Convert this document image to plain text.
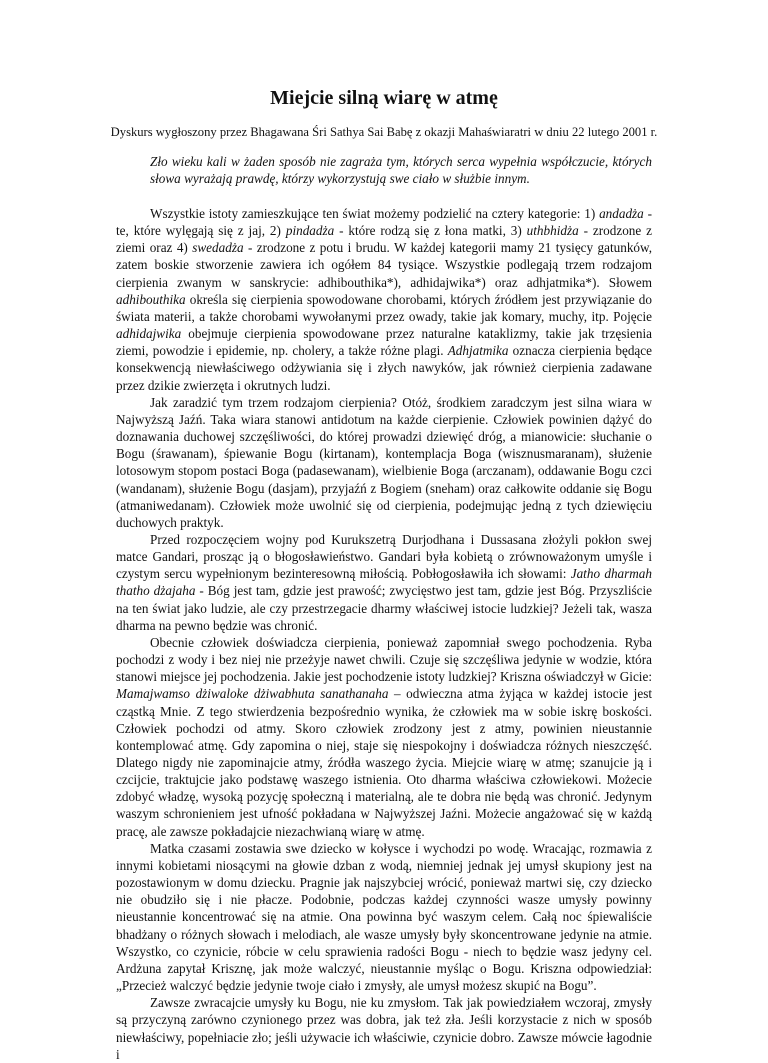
Miejcie silną wiarę w atmę
Dyskurs wygłoszony przez Bhagawana Śri Sathya Sai Babę z okazji Mahaświaratri w dniu 22 lutego 2001 r.
Zło wieku kali w żaden sposób nie zagraża tym, których serca wypełnia współczucie, których słowa wyrażają prawdę, którzy wykorzystują swe ciało w służbie innym.

Wszystkie istoty zamieszkujące ten świat możemy podzielić na cztery kategorie: 1) andadża - te, które wylęgają się z jaj, 2) pindadża - które rodzą się z łona matki, 3) uthbhidża - zrodzone z ziemi oraz 4) swedadża - zrodzone z potu i brudu. W każdej kategorii mamy 21 tysięcy gatunków, zatem boskie stworzenie zawiera ich ogółem 84 tysiące. Wszystkie podlegają trzem rodzajom cierpienia zwanym w sanskrycie: adhibouthika*), adhidajwika*) oraz adhjatmika*). Słowem adhibouthika określa się cierpienia spowodowane chorobami, których źródłem jest przywiązanie do świata materii, a także chorobami wywołanymi przez owady, takie jak komary, muchy, itp. Pojęcie adhidajwika obejmuje cierpienia spowodowane przez naturalne kataklizmy, takie jak trzęsienia ziemi, powodzie i epidemie, np. cholery, a także różne plagi. Adhjatmika oznacza cierpienia będące konsekwencją niewłaściwego odżywiania się i złych nawyków, jak również cierpienia zadawane przez dzikie zwierzęta i okrutnych ludzi.

Jak zaradzić tym trzem rodzajom cierpienia? Otóż, środkiem zaradczym jest silna wiara w Najwyższą Jaźń. Taka wiara stanowi antidotum na każde cierpienie. Człowiek powinien dążyć do doznawania duchowej szczęśliwości, do której prowadzi dziewięć dróg, a mianowicie: słuchanie o Bogu (śrawanam), śpiewanie Bogu (kirtanam), kontemplacja Boga (wisznusmaranam), służenie lotosowym stopom postaci Boga (padasewanam), wielbienie Boga (arczanam), oddawanie Bogu czci (wandanam), służenie Bogu (dasjam), przyjaźń z Bogiem (sneham) oraz całkowite oddanie się Bogu (atmaniwedanam). Człowiek może uwolnić się od cierpienia, podejmując jedną z tych dziewięciu duchowych praktyk.

Przed rozpoczęciem wojny pod Kurukszetrą Durjodhana i Dussasana złożyli pokłon swej matce Gandari, prosząc ją o błogosławieństwo. Gandari była kobietą o zrównoważonym umyśle i czystym sercu wypełnionym bezinteresowną miłością. Pobłogosławiła ich słowami: Jatho dharmah thatho dżajaha - Bóg jest tam, gdzie jest prawość; zwycięstwo jest tam, gdzie jest Bóg. Przyszliście na ten świat jako ludzie, ale czy przestrzegacie dharmy właściwej istocie ludzkiej? Jeżeli tak, wasza dharma na pewno będzie was chronić.

Obecnie człowiek doświadcza cierpienia, ponieważ zapomniał swego pochodzenia. Ryba pochodzi z wody i bez niej nie przeżyje nawet chwili. Czuje się szczęśliwa jedynie w wodzie, która stanowi miejsce jej pochodzenia. Jakie jest pochodzenie istoty ludzkiej? Kriszna oświadczył w Gicie: Mamajwamso dżiwaloke dżiwabhuta sanathanaha – odwieczna atma żyjąca w każdej istocie jest cząstką Mnie. Z tego stwierdzenia bezpośrednio wynika, że człowiek ma w sobie iskrę boskości. Człowiek pochodzi od atmy. Skoro człowiek zrodzony jest z atmy, powinien nieustannie kontemplować atmę. Gdy zapomina o niej, staje się niespokojny i doświadcza różnych nieszczęść. Dlatego nigdy nie zapominajcie atmy, źródła waszego życia. Miejcie wiarę w atmę; szanujcie ją i czcijcie, traktujcie jako podstawę waszego istnienia. Oto dharma właściwa człowiekowi. Możecie zdobyć władzę, wysoką pozycję społeczną i materialną, ale te dobra nie będą was chronić. Jedynym waszym schronieniem jest ufność pokładana w Najwyższej Jaźni. Możecie angażować się w każdą pracę, ale zawsze pokładajcie niezachwianą wiarę w atmę.

Matka czasami zostawia swe dziecko w kołysce i wychodzi po wodę. Wracając, rozmawia z innymi kobietami niosącymi na głowie dzban z wodą, niemniej jednak jej umysł skupiony jest na pozostawionym w domu dziecku. Pragnie jak najszybciej wrócić, ponieważ martwi się, czy dziecko nie obudziło się i nie płacze. Podobnie, podczas każdej czynności wasze umysły powinny nieustannie koncentrować się na atmie. Ona powinna być waszym celem. Całą noc śpiewaliście bhadżany o różnych słowach i melodiach, ale wasze umysły były skoncentrowane jedynie na atmie. Wszystko, co czynicie, róbcie w celu sprawienia radości Bogu - niech to będzie wasz jedyny cel. Ardżuna zapytał Krisznę, jak może walczyć, nieustannie myśląc o Bogu. Kriszna odpowiedział: „Przecież walczyć będzie jedynie twoje ciało i zmysły, ale umysł możesz skupić na Bogu”.

Zawsze zwracajcie umysły ku Bogu, nie ku zmysłom. Tak jak powiedziałem wczoraj, zmysły są przyczyną zarówno czynionego przez was dobra, jak też zła. Jeśli korzystacie z nich w sposób niewłaściwy, popełniacie zło; jeśli używacie ich właściwie, czynicie dobro. Zawsze mówcie łagodnie i
